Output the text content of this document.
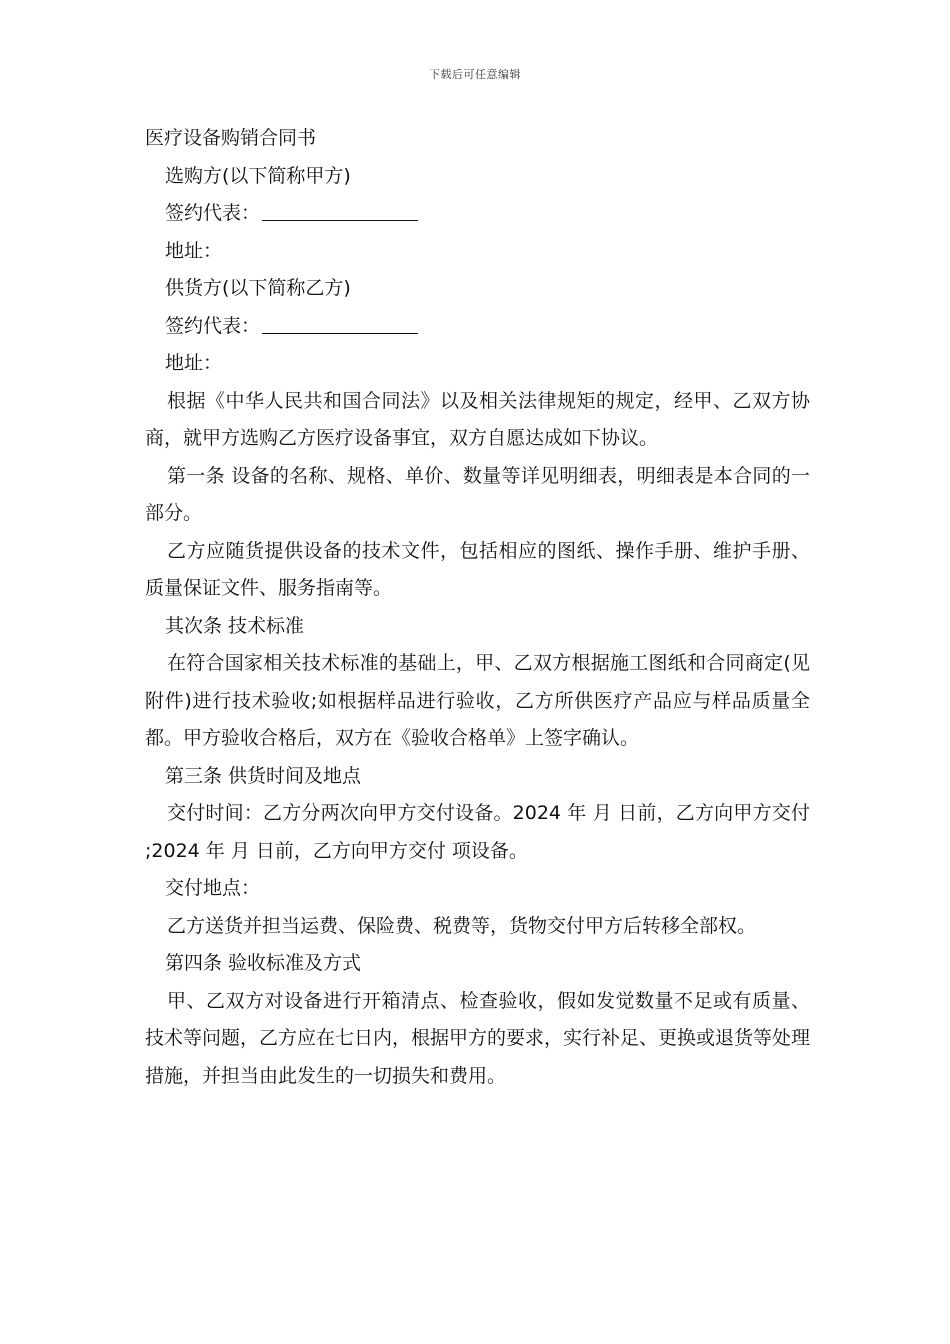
下载后可任意编辑

医疗设备购销合同书

选购方(以下简称甲方)

签约代表：

地址：

供货方(以下简称乙方)

签约代表：

地址：

根据《中华人民共和国合同法》以及相关法律规矩的规定，经甲、乙双方协商，就甲方选购乙方医疗设备事宜，双方自愿达成如下协议。

第一条 设备的名称、规格、单价、数量等详见明细表，明细表是本合同的一部分。

乙方应随货提供设备的技术文件，包括相应的图纸、操作手册、维护手册、质量保证文件、服务指南等。

其次条 技术标准

在符合国家相关技术标准的基础上，甲、乙双方根据施工图纸和合同商定(见附件)进行技术验收;如根据样品进行验收，乙方所供医疗产品应与样品质量全都。甲方验收合格后，双方在《验收合格单》上签字确认。

第三条 供货时间及地点

交付时间：乙方分两次向甲方交付设备。2024 年 月 日前，乙方向甲方交付 ;2024 年 月 日前，乙方向甲方交付 项设备。

交付地点：

乙方送货并担当运费、保险费、税费等，货物交付甲方后转移全部权。

第四条 验收标准及方式

甲、乙双方对设备进行开箱清点、检查验收，假如发觉数量不足或有质量、技术等问题，乙方应在七日内，根据甲方的要求，实行补足、更换或退货等处理措施，并担当由此发生的一切损失和费用。
